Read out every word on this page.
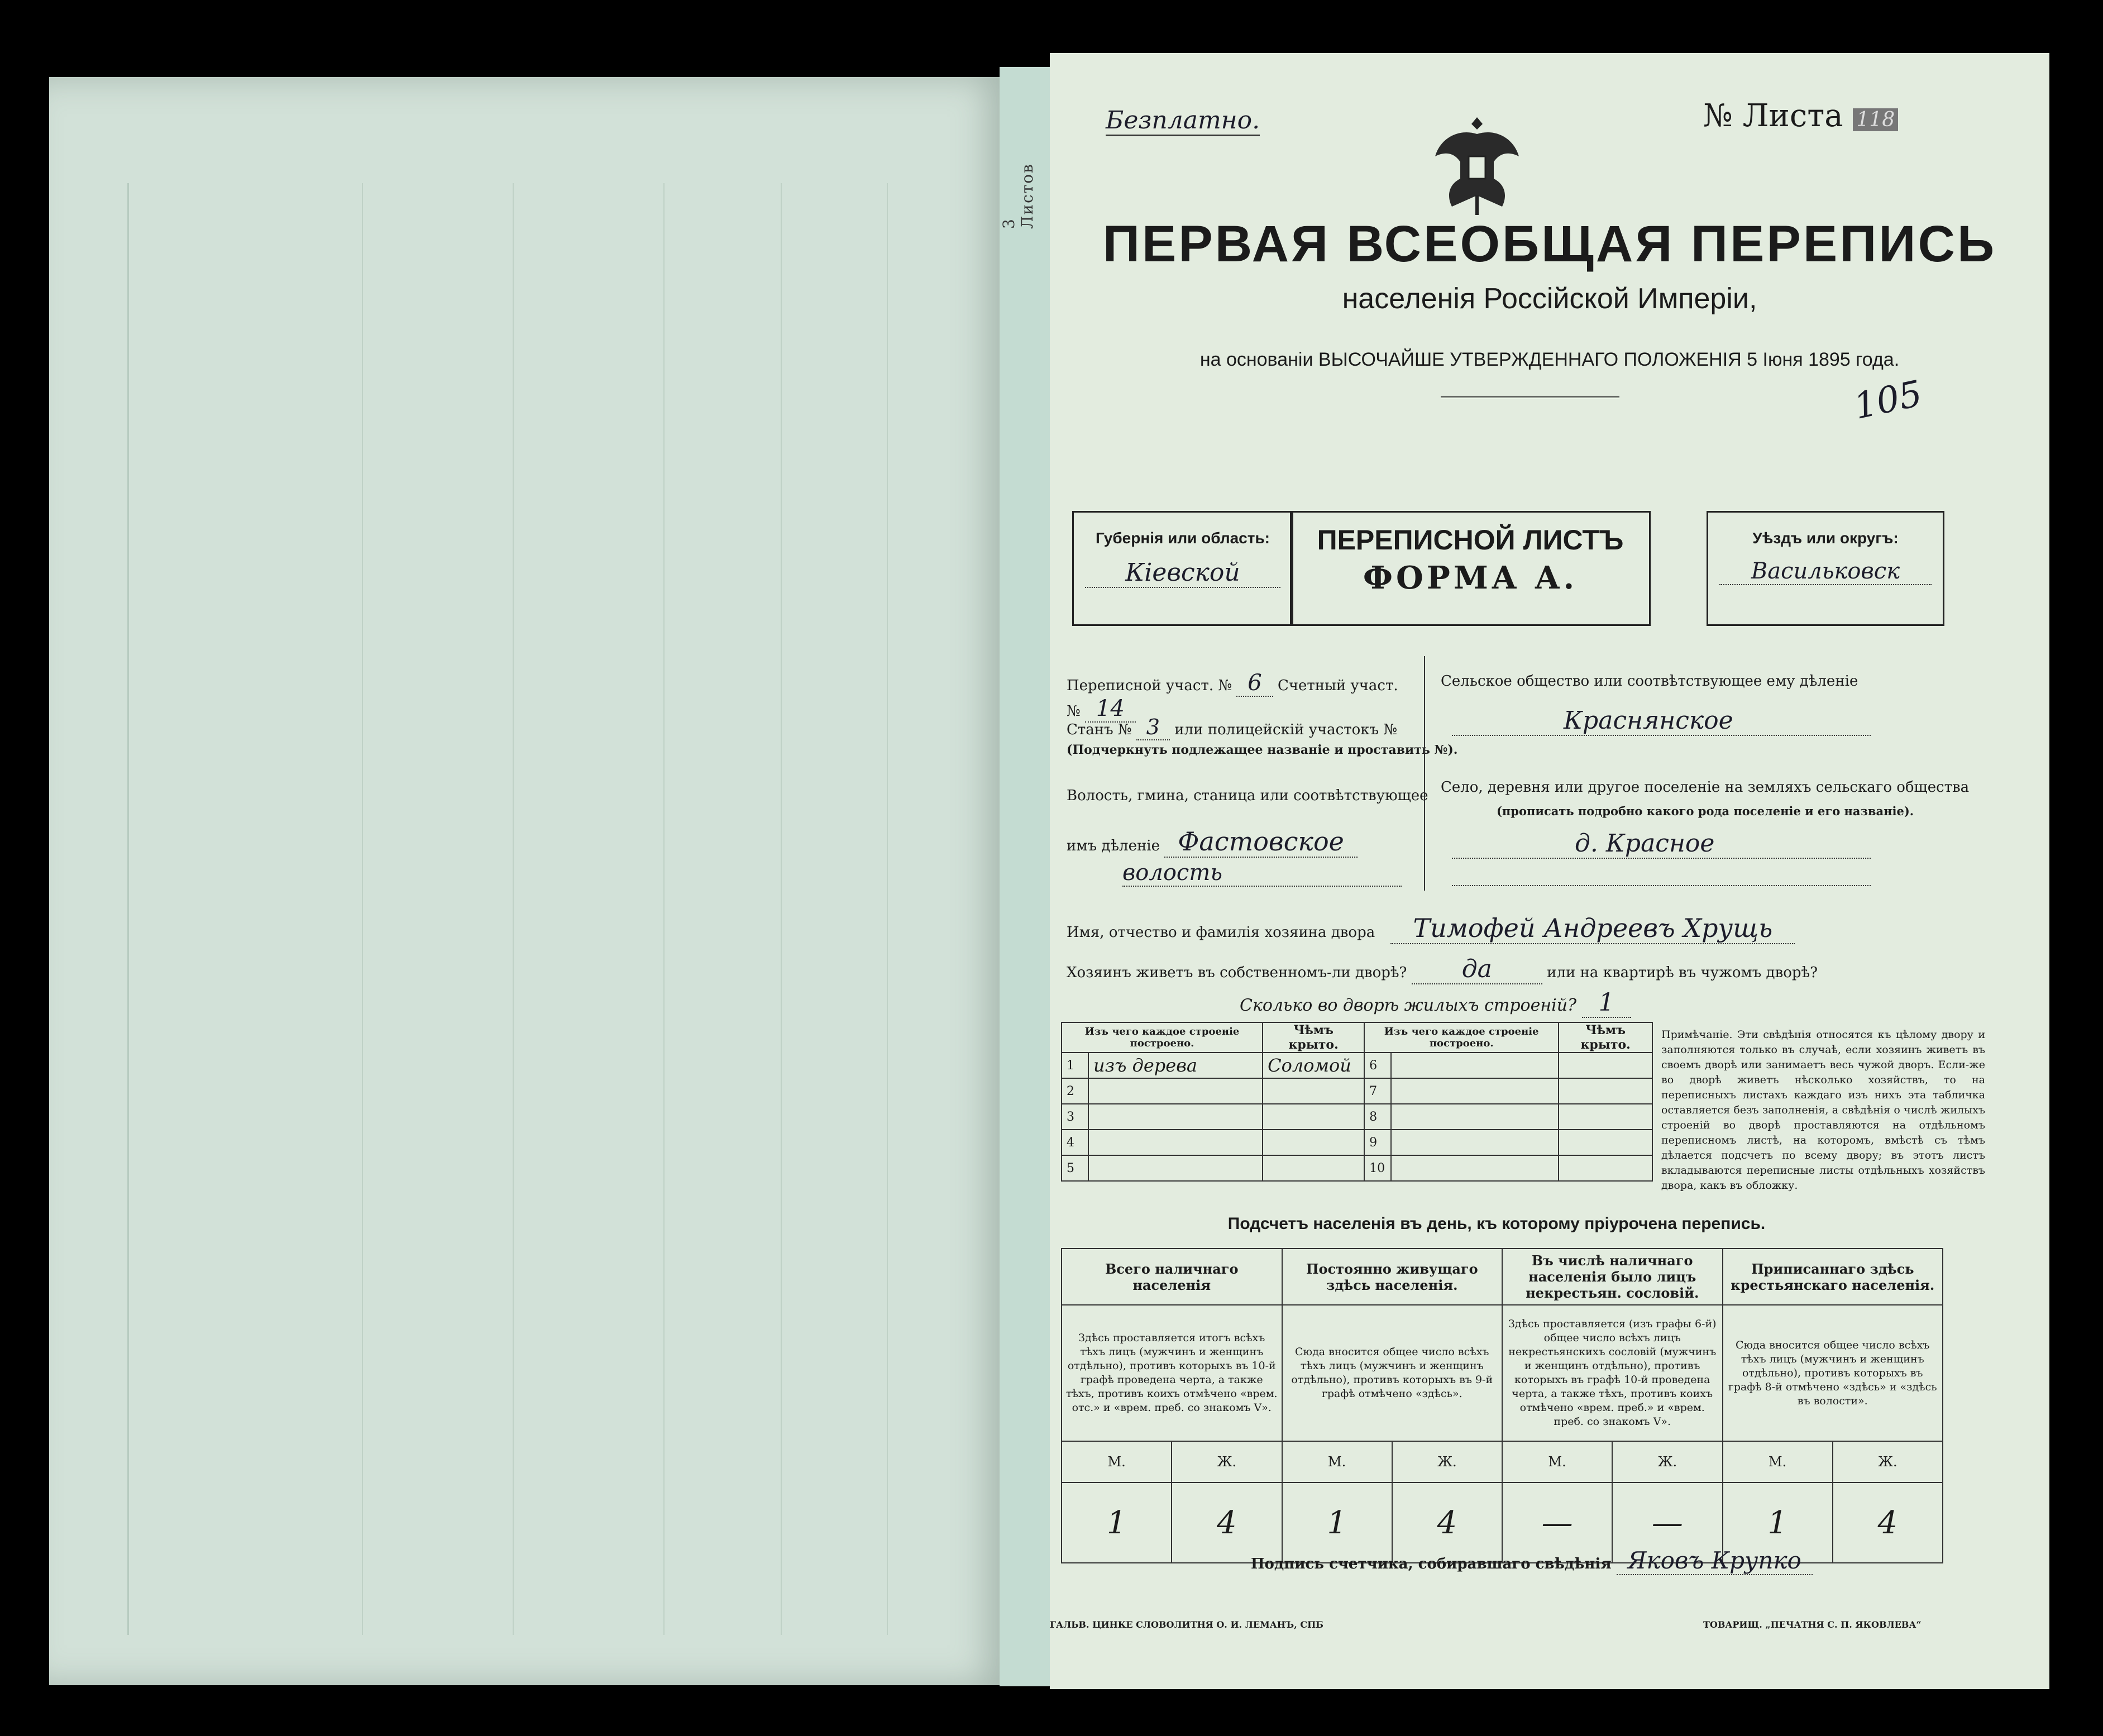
3 Листов
Безплатно.	№ Листа 118
ПЕРВАЯ ВСЕОБЩАЯ ПЕРЕПИСЬ
105
населенія Россійской Имперіи,
на основаніи ВЫСОЧАЙШЕ УТВЕРЖДЕННАГО ПОЛОЖЕНІЯ 5 Іюня 1895 года.
Губернія или область:
Кіевской
ПЕРЕПИСНОЙ ЛИСТЪ
ФОРМА А.
Уѣздъ или округъ:
Васильковск
Переписной участ. № 6 Счетный участ. № 14
Станъ № 3 или полицейскій участокъ №
(Подчеркнуть подлежащее названіе и проставить №).
Волость, гмина, станица или соотвѣтствующее
имъ дѣленіе Фастовское
волость
Сельское общество или соотвѣтствующее ему дѣленіе
Краснянское
Село, деревня или другое поселеніе на земляхъ сельскаго общества
(прописать подробно какого рода поселеніе и его названіе).
д. Красное
Имя, отчество и фамилія хозяина двора Тимофей Андреевъ Хрущь
Хозяинъ живетъ въ собственномъ-ли дворѣ? да	или на квартирѣ въ чужомъ дворѣ?
Сколько во дворѣ жилыхъ строеній? 1
Изъ чего каждое строеніе построено.		Чѣмъ крыто.	Изъ чего каждое строеніе построено.		Чѣмъ крыто.
1	изъ дерева	Соломой	6		
2			7		
3			8		
4			9		
5			10		
Примѣчаніе. Эти свѣдѣнія относятся къ цѣлому двору и заполняются только въ случаѣ, если хозяинъ живетъ въ своемъ дворѣ или занимаетъ весь чужой дворъ. Если-же во дворѣ живетъ нѣсколько хозяйствъ, то на переписныхъ листахъ каждаго изъ нихъ эта табличка оставляется безъ заполненія, а свѣдѣнія о числѣ жилыхъ строеній во дворѣ проставляются на отдѣльномъ переписномъ листѣ, на которомъ, вмѣстѣ съ тѣмъ дѣлается подсчетъ по всему двору; въ этотъ листъ вкладываются переписные листы отдѣльныхъ хозяйствъ двора, какъ въ обложку.
Подсчетъ населенія въ день, къ которому пріурочена перепись.
Всего наличнаго населенія		Постоянно живущаго здѣсь населенія.		Въ числѣ наличнаго населенія было лицъ некрестьян. сословій.		Приписаннаго здѣсь крестьянскаго населенія.	
Здѣсь проставляется итогъ всѣхъ тѣхъ лицъ (мужчинъ и женщинъ отдѣльно), противъ которыхъ въ 10-й графѣ проведена черта, а также тѣхъ, противъ коихъ отмѣчено «врем. отс.» и «врем. преб. со знакомъ V».		Сюда вносится общее число всѣхъ тѣхъ лицъ (мужчинъ и женщинъ отдѣльно), противъ которыхъ въ 9-й графѣ отмѣчено «здѣсь».		Здѣсь проставляется (изъ графы 6-й) общее число всѣхъ лицъ некрестьянскихъ сословій (мужчинъ и женщинъ отдѣльно), противъ которыхъ въ графѣ 10-й проведена черта, а также тѣхъ, противъ коихъ отмѣчено «врем. преб.» и «врем. преб. со знакомъ V».		Сюда вносится общее число всѣхъ тѣхъ лицъ (мужчинъ и женщинъ отдѣльно), противъ которыхъ въ графѣ 8-й отмѣчено «здѣсь» и «здѣсь въ волости».	
М.	Ж.	М.	Ж.	М.	Ж.	М.	Ж.
1	4	1	4	—	—	1	4
Подпись счетчика, собиравшаго свѣдѣнія Яковъ Крупко
ГАЛЬВ. ЦИНКЕ СЛОВОЛИТНЯ О. И. ЛЕМАНЪ, СПБ	ТОВАРИЩ. „ПЕЧАТНЯ С. П. ЯКОВЛЕВА“
